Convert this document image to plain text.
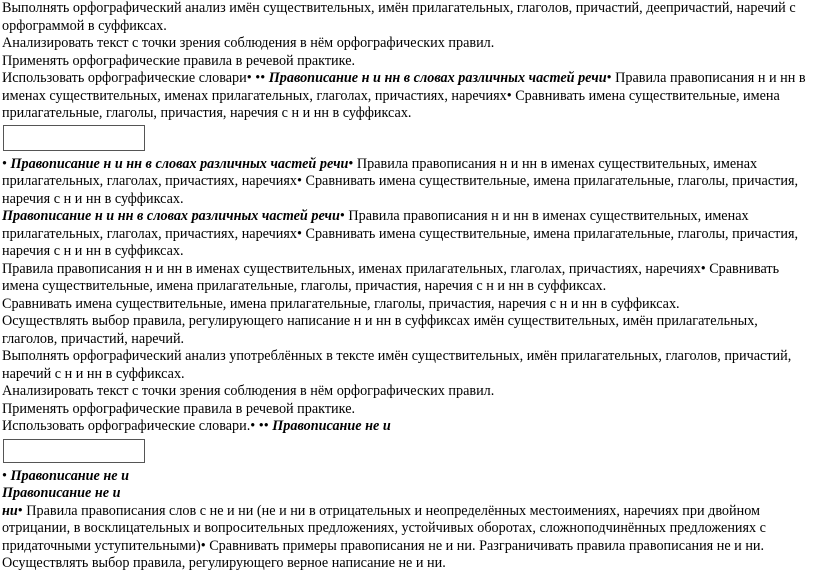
Выполнять орфографический анализ имён существительных, имён прилагательных, глаголов, причастий, деепричастий, наречий с орфограммой в суффиксах.

Анализировать текст с точки зрения соблюдения в нём орфографических правил.

Применять орфографические правила в речевой практике.

Использовать орфографические словари• •• Правописание н и нн в словах различных частей речи• Правила правописания н и нн в именах существительных, именах прилагательных, глаголах, причастиях, наречиях• Сравнивать имена существительные, имена прилагательные, глаголы, причастия, наречия с н и нн в суффиксах.

• Правописание н и нн в словах различных частей речи• Правила правописания н и нн в именах существительных, именах прилагательных, глаголах, причастиях, наречиях• Сравнивать имена существительные, имена прилагательные, глаголы, причастия, наречия с н и нн в суффиксах.

Правописание н и нн в словах различных частей речи• Правила правописания н и нн в именах существительных, именах прилагательных, глаголах, причастиях, наречиях• Сравнивать имена существительные, имена прилагательные, глаголы, причастия, наречия с н и нн в суффиксах.

Правила правописания н и нн в именах существительных, именах прилагательных, глаголах, причастиях, наречиях• Сравнивать имена существительные, имена прилагательные, глаголы, причастия, наречия с н и нн в суффиксах.

Сравнивать имена существительные, имена прилагательные, глаголы, причастия, наречия с н и нн в суффиксах.

Осуществлять выбор правила, регулирующего написание н и нн в суффиксах имён существительных, имён прилагательных, глаголов, причастий, наречий.

Выполнять орфографический анализ употреблённых в тексте имён существительных, имён прилагательных, глаголов, причастий, наречий с н и нн в суффиксах.

Анализировать текст с точки зрения соблюдения в нём орфографических правил.

Применять орфографические правила в речевой практике.

Использовать орфографические словари.• •• Правописание не и

• Правописание не и

Правописание не и
ни• Правила правописания слов с не и ни (не и ни в отрицательных и неопределённых местоимениях, наречиях при двойном отрицании, в восклицательных и вопросительных предложениях, устойчивых оборотах, сложноподчинённых предложениях с придаточными уступительными)• Сравнивать примеры правописания не и ни. Разграничивать правила правописания не и ни. Осуществлять выбор правила, регулирующего верное написание не и ни.
